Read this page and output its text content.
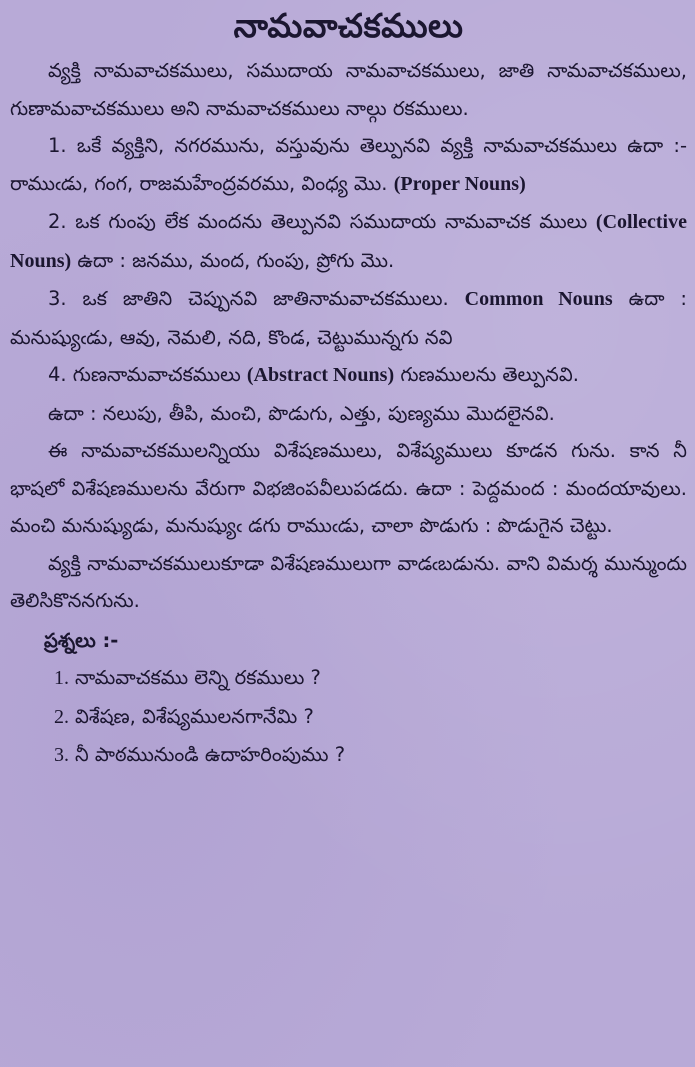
నామవాచకములు

వ్యక్తి నామవాచకములు, సముదాయ నామవాచకములు, జాతి నామవాచకములు, గుణామవాచకములు అని నామవాచకములు నాల్గు రకములు.

1. ఒకే వ్యక్తిని, నగరమును, వస్తువును తెల్పునవి వ్యక్తి నామవాచకములు ఉదా :- రాముఁడు, గంగ, రాజమహేంద్రవరము, వింధ్య మొ. (Proper Nouns)

2. ఒక గుంపు లేక మందను తెల్పునవి సముదాయ నామవాచక ములు (Collective Nouns) ఉదా : జనము, మంద, గుంపు, ప్రోగు మొ.

3. ఒక జాతిని చెప్పునవి జాతినామవాచకములు. Common Nouns ఉదా : మనుష్యుఁడు, ఆవు, నెమలి, నది, కొండ, చెట్టుమున్నగు నవి

4. గుణనామవాచకములు (Abstract Nouns) గుణములను తెల్పునవి.

ఉదా : నలుపు, తీపి, మంచి, పొడుగు, ఎత్తు, పుణ్యము మొదలైనవి.

ఈ నామవాచకములన్నియు విశేషణములు, విశేష్యములు కూడన గును. కాన నీ భాషలో విశేషణములను వేరుగా విభజింపవీలుపడదు. ఉదా : పెద్దమంద : మందయావులు. మంచి మనుష్యుడు, మనుష్యుఁ డగు రాముఁడు, చాలా పొడుగు : పొడుగైన చెట్టు.

వ్యక్తి నామవాచకములుకూడా విశేషణములుగా వాడఁబడును. వాని విమర్శ మున్ముందు తెలిసికొననగును.

ప్రశ్నలు :-
1. నామవాచకము లెన్ని రకములు ?
2. విశేషణ, విశేష్యములనగానేమి ?
3. నీ పాఠమునుండి ఉదాహరింపుము ?
